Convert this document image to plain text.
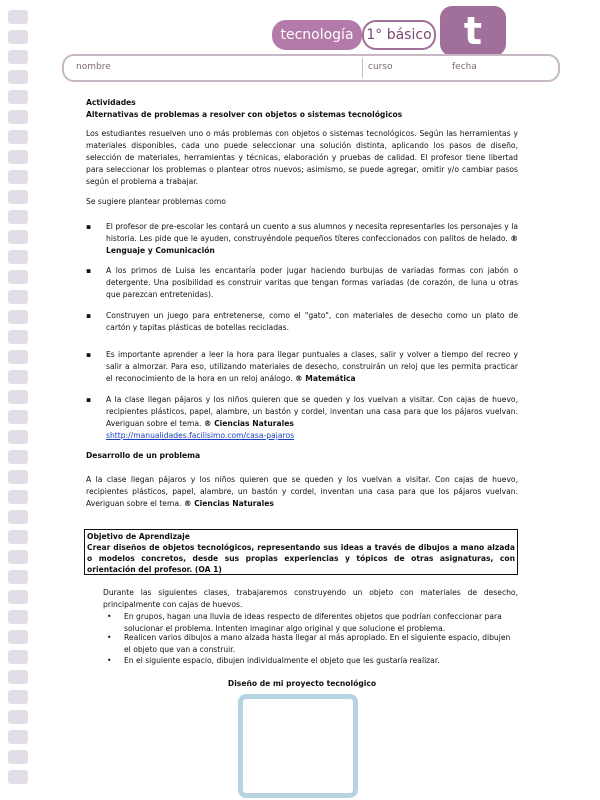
tecnología 1° básico t
nombre	curso	fecha
Actividades
Alternativas de problemas a resolver con objetos o sistemas tecnológicos

Los estudiantes resuelven uno o más problemas con objetos o sistemas tecnológicos. Según las herramientas y materiales disponibles, cada uno puede seleccionar una solución distinta, aplicando los pasos de diseño, selección de materiales, herramientas y técnicas, elaboración y pruebas de calidad. El profesor tiene libertad para seleccionar los problemas o plantear otros nuevos; asimismo, se puede agregar, omitir y/o cambiar pasos según el problema a trabajar.

Se sugiere plantear problemas como

▪ El profesor de pre-escolar les contará un cuento a sus alumnos y necesita representarles los personajes y la historia. Les pide que le ayuden, construyéndole pequeños títeres confeccionados con palitos de helado. ® Lenguaje y Comunicación
▪ A los primos de Luisa les encantaría poder jugar haciendo burbujas de variadas formas con jabón o detergente. Una posibilidad es construir varitas que tengan formas variadas (de corazón, de luna u otras que parezcan entretenidas).
▪ Construyen un juego para entretenerse, como el "gato", con materiales de desecho como un plato de cartón y tapitas plásticas de botellas recicladas.
▪ Es importante aprender a leer la hora para llegar puntuales a clases, salir y volver a tiempo del recreo y salir a almorzar. Para eso, utilizando materiales de desecho, construirán un reloj que les permita practicar el reconocimiento de la hora en un reloj análogo. ® Matemática
▪ A la clase llegan pájaros y los niños quieren que se queden y los vuelvan a visitar. Con cajas de huevo, recipientes plásticos, papel, alambre, un bastón y cordel, inventan una casa para que los pájaros vuelvan. Averiguan sobre el tema. ® Ciencias Naturales
shttp://manualidades.facilisimo.com/casa-pajaros
Desarrollo de un problema
A la clase llegan pájaros y los niños quieren que se queden y los vuelvan a visitar. Con cajas de huevo, recipientes plásticos, papel, alambre, un bastón y cordel, inventan una casa para que los pájaros vuelvan. Averiguan sobre el tema. ® Ciencias Naturales
Objetivo de Aprendizaje
Crear diseños de objetos tecnológicos, representando sus ideas a través de dibujos a mano alzada o modelos concretos, desde sus propias experiencias y tópicos de otras asignaturas, con orientación del profesor. (OA 1)
Durante las siguientes clases, trabajaremos construyendo un objeto con materiales de desecho, principalmente con cajas de huevos.
• En grupos, hagan una lluvia de ideas respecto de diferentes objetos que podrían confeccionar para solucionar el problema. Intenten imaginar algo original y que solucione el problema.
• Realicen varios dibujos a mano alzada hasta llegar al más apropiado. En el siguiente espacio, dibujen el objeto que van a construir.
• En el siguiente espacio, dibujen individualmente el objeto que les gustaría realizar.
Diseño de mi proyecto tecnológico
